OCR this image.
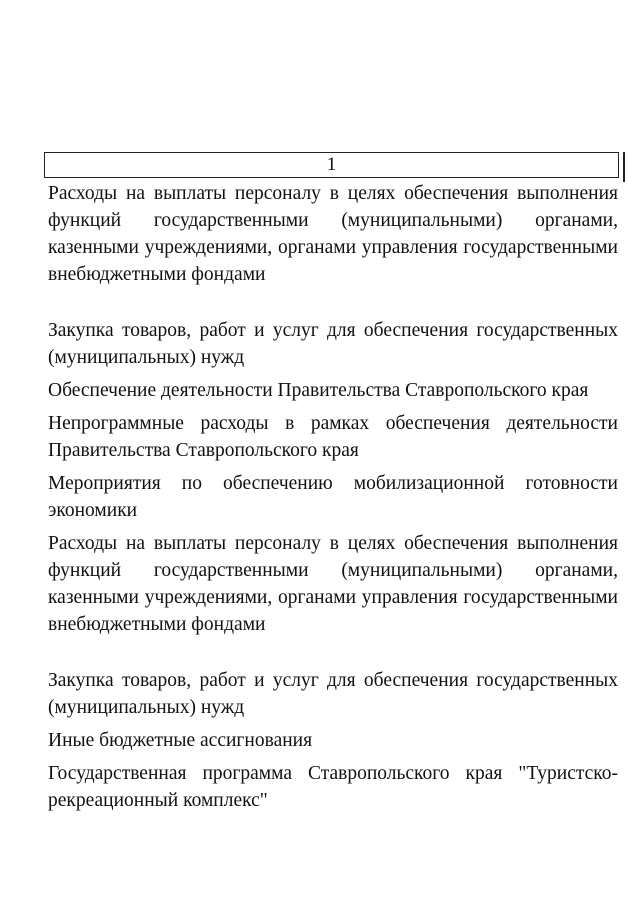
1

Расходы на выплаты персоналу в целях обеспечения выполнения функций государственными (муниципальными) органами, казенными учреждениями, органами управления государственными внебюджетными фондами

Закупка товаров, работ и услуг для обеспечения государственных (муниципальных) нужд

Обеспечение деятельности Правительства Ставропольского края

Непрограммные расходы в рамках обеспечения деятельности Правительства Ставропольского края

Мероприятия по обеспечению мобилизационной готовности экономики

Расходы на выплаты персоналу в целях обеспечения выполнения функций государственными (муниципальными) органами, казенными учреждениями, органами управления государственными внебюджетными фондами

Закупка товаров, работ и услуг для обеспечения государственных (муниципальных) нужд

Иные бюджетные ассигнования

Государственная программа Ставропольского края "Туристско-рекреационный комплекс"
